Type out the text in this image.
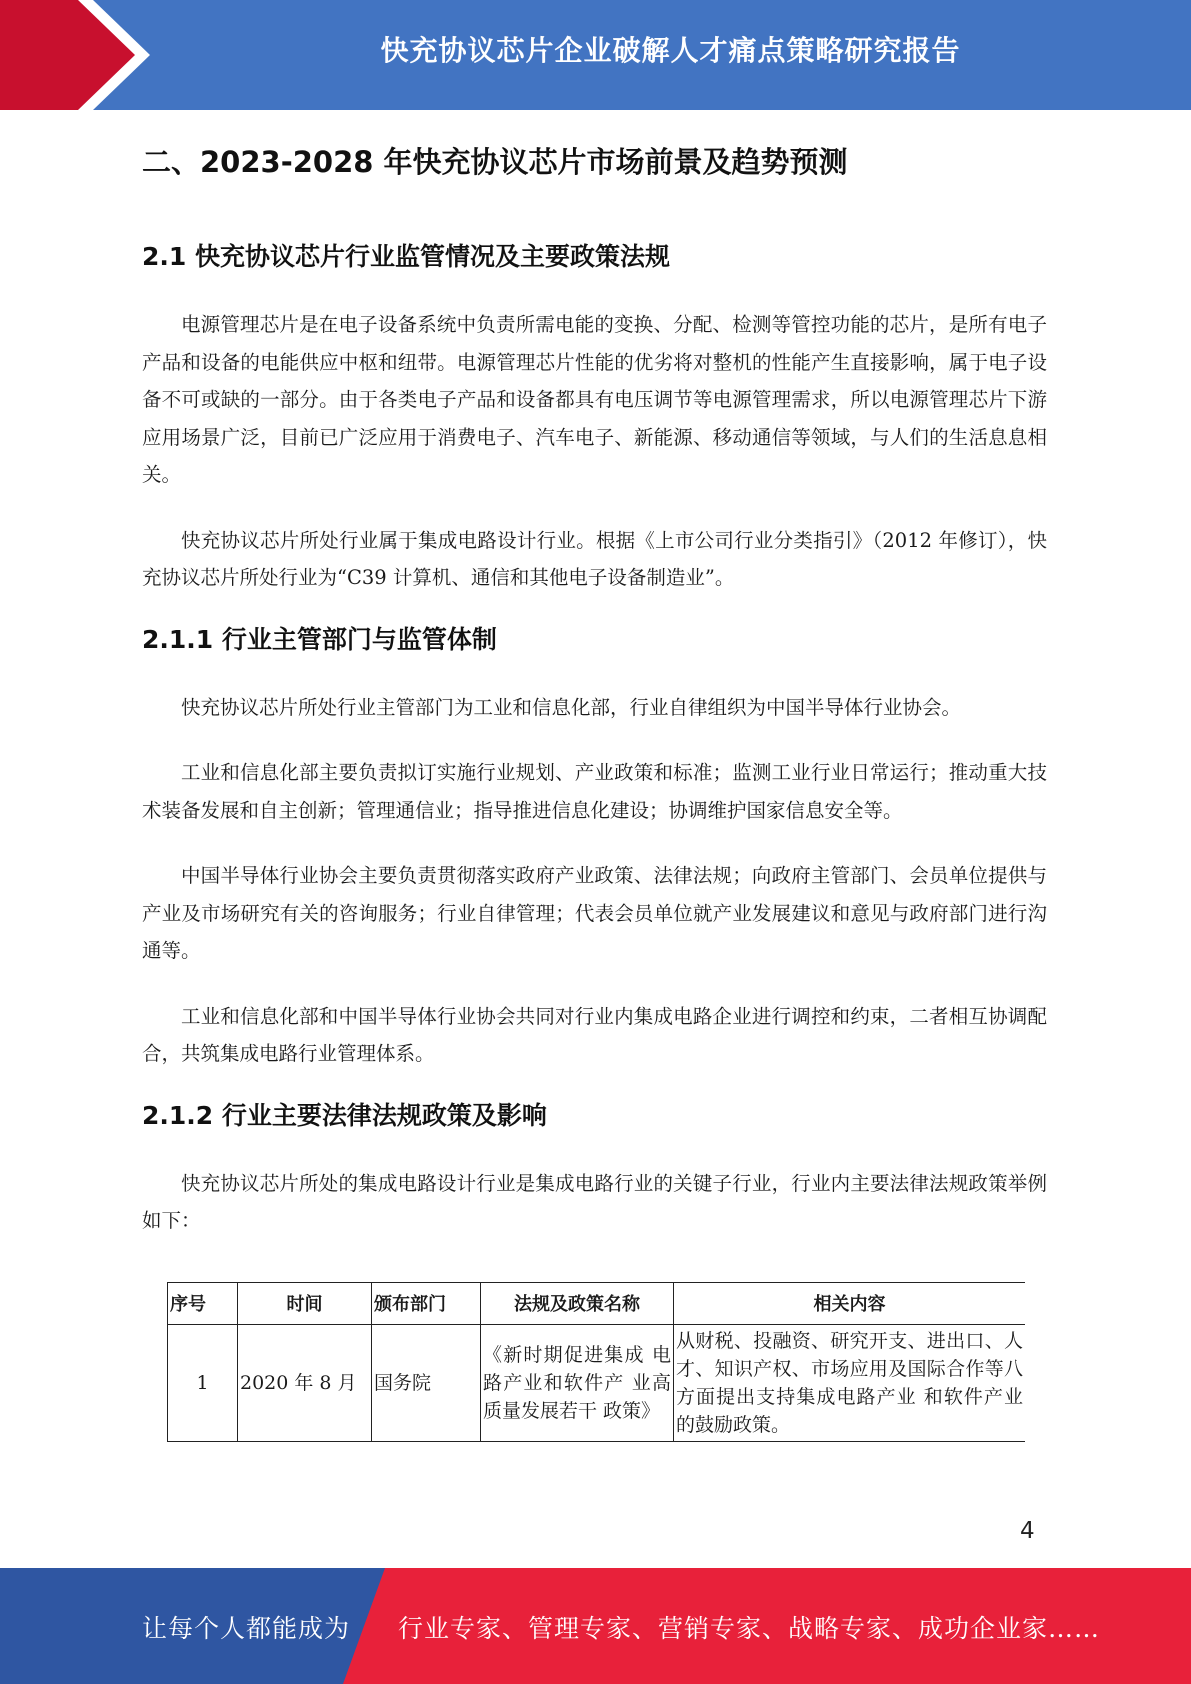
快充协议芯片企业破解人才痛点策略研究报告
二、2023-2028 年快充协议芯片市场前景及趋势预测
2.1 快充协议芯片行业监管情况及主要政策法规

电源管理芯片是在电子设备系统中负责所需电能的变换、分配、检测等管控功能的芯片，是所有电子产品和设备的电能供应中枢和纽带。电源管理芯片性能的优劣将对整机的性能产生直接影响，属于电子设备不可或缺的一部分。由于各类电子产品和设备都具有电压调节等电源管理需求，所以电源管理芯片下游应用场景广泛，目前已广泛应用于消费电子、汽车电子、新能源、移动通信等领域，与人们的生活息息相关。

快充协议芯片所处行业属于集成电路设计行业。根据《上市公司行业分类指引》（2012 年修订），快充协议芯片所处行业为“C39 计算机、通信和其他电子设备制造业”。

2.1.1 行业主管部门与监管体制

快充协议芯片所处行业主管部门为工业和信息化部，行业自律组织为中国半导体行业协会。

工业和信息化部主要负责拟订实施行业规划、产业政策和标准；监测工业行业日常运行；推动重大技术装备发展和自主创新；管理通信业；指导推进信息化建设；协调维护国家信息安全等。

中国半导体行业协会主要负责贯彻落实政府产业政策、法律法规；向政府主管部门、会员单位提供与产业及市场研究有关的咨询服务；行业自律管理；代表会员单位就产业发展建议和意见与政府部门进行沟通等。

工业和信息化部和中国半导体行业协会共同对行业内集成电路企业进行调控和约束，二者相互协调配合，共筑集成电路行业管理体系。

2.1.2 行业主要法律法规政策及影响

快充协议芯片所处的集成电路设计行业是集成电路行业的关键子行业，行业内主要法律法规政策举例如下：

序号	时间	颁布部门	法规及政策名称	相关内容
1	2020 年 8 月	国务院	《新时期促进集成 电路产业和软件产 业高质量发展若干 政策》	从财税、投融资、研究开支、进出口、人才、知识产权、市场应用及国际合作等八方面提出支持集成电路产业 和软件产业的鼓励政策。
4
让每个人都能成为 行业专家、管理专家、营销专家、战略专家、成功企业家……
